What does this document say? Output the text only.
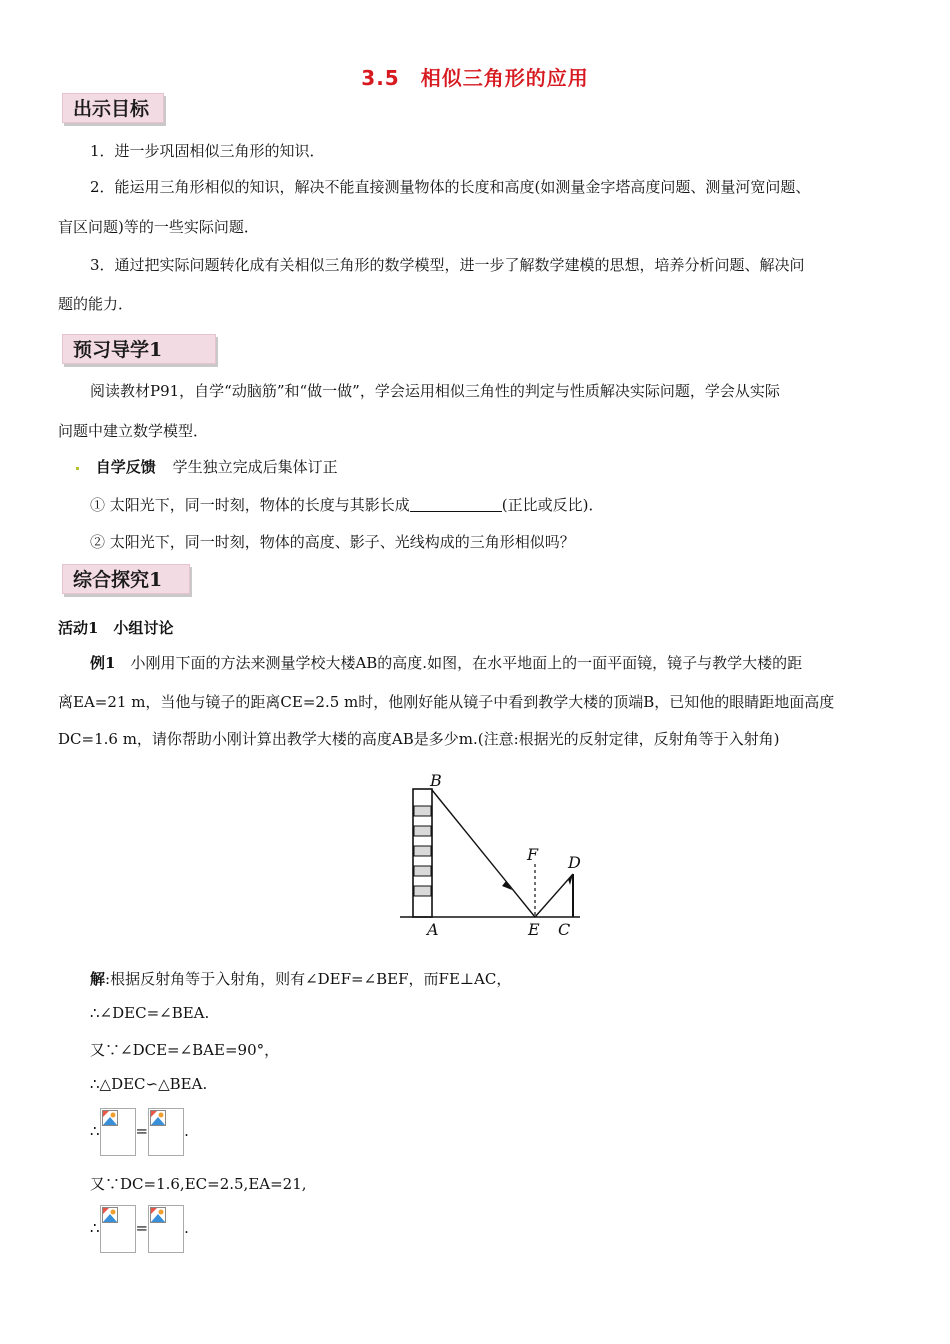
3.5　相似三角形的应用
出示目标
1．进一步巩固相似三角形的知识．
2．能运用三角形相似的知识，解决不能直接测量物体的长度和高度(如测量金字塔高度问题、测量河宽问题、
盲区问题)等的一些实际问题．
3．通过把实际问题转化成有关相似三角形的数学模型，进一步了解数学建模的思想，培养分析问题、解决问
题的能力．
预习导学1
阅读教材P91，自学“动脑筋”和“做一做”，学会运用相似三角性的判定与性质解决实际问题，学会从实际
问题中建立数学模型．
自学反馈 学生独立完成后集体订正
① 太阳光下，同一时刻，物体的长度与其影长成	(正比或反比)．
② 太阳光下，同一时刻，物体的高度、影子、光线构成的三角形相似吗？
综合探究1
活动1　小组讨论
例1　小刚用下面的方法来测量学校大楼AB的高度.如图，在水平地面上的一面平面镜，镜子与教学大楼的距
离EA=21 m，当他与镜子的距离CE=2.5 m时，他刚好能从镜子中看到教学大楼的顶端B，已知他的眼睛距地面高度
DC=1.6 m，请你帮助小刚计算出教学大楼的高度AB是多少m.(注意:根据光的反射定律，反射角等于入射角)
B
F D
A	E C
解:根据反射角等于入射角，则有∠DEF=∠BEF，而FE⊥AC，
∴∠DEC=∠BEA.
又∵∠DCE=∠BAE=90°，
∴△DEC∽△BEA.
∴ = .
又∵DC=1.6,EC=2.5,EA=21,
∴ = .
